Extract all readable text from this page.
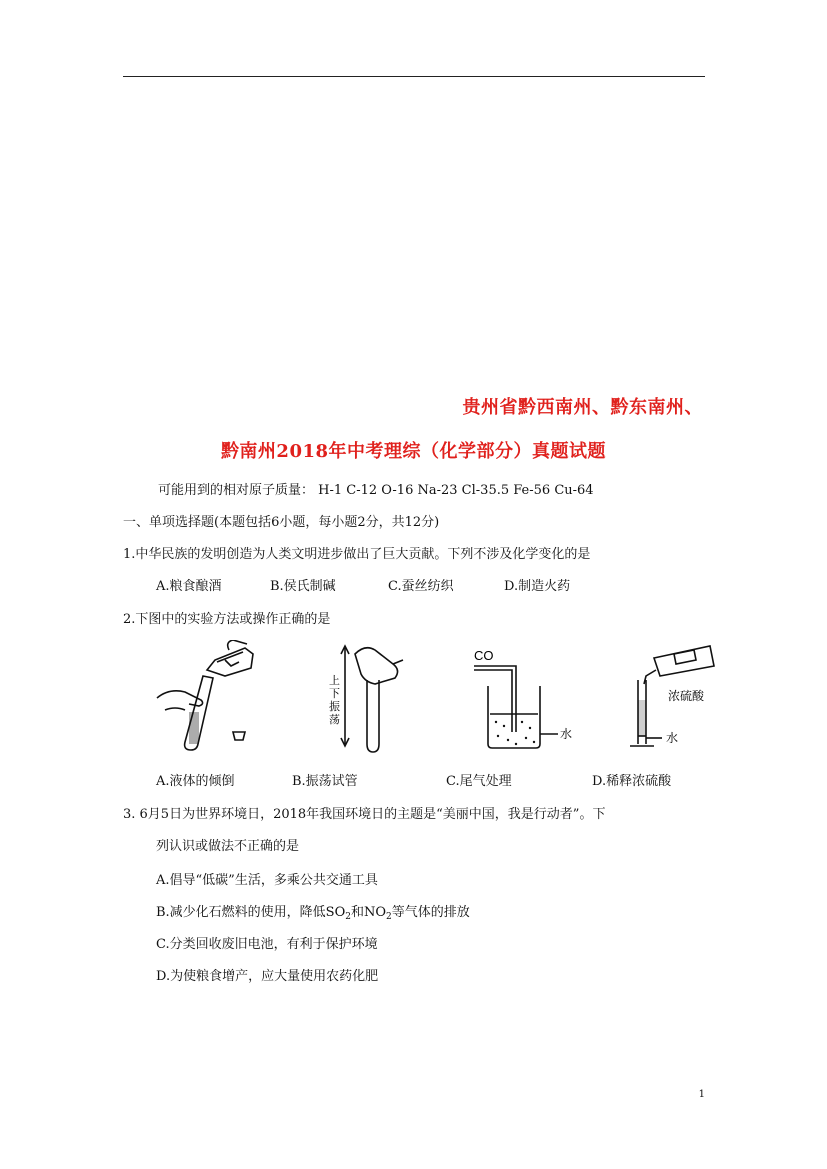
贵州省黔西南州、黔东南州、
黔南州2018年中考理综（化学部分）真题试题
可能用到的相对原子质量： H-1 C-12 O-16 Na-23 Cl-35.5 Fe-56 Cu-64
一、单项选择题(本题包括6小题，每小题2分，共12分)
1.中华民族的发明创造为人类文明进步做出了巨大贡献。下列不涉及化学变化的是
A.粮食酿酒	B.侯氏制碱	C.蚕丝纺织	D.制造火药
2.下图中的实验方法或操作正确的是
上
下
振
荡
CO
水
浓硫酸
水
A.液体的倾倒	B.振荡试管	C.尾气处理	D.稀释浓硫酸
3. 6月5日为世界环境日，2018年我国环境日的主题是“美丽中国，我是行动者”。下
列认识或做法不正确的是
A.倡导“低碳”生活，多乘公共交通工具
B.减少化石燃料的使用，降低$SO_2$和$NO_2$等气体的排放
C.分类回收废旧电池，有利于保护环境
D.为使粮食增产，应大量使用农药化肥
1
